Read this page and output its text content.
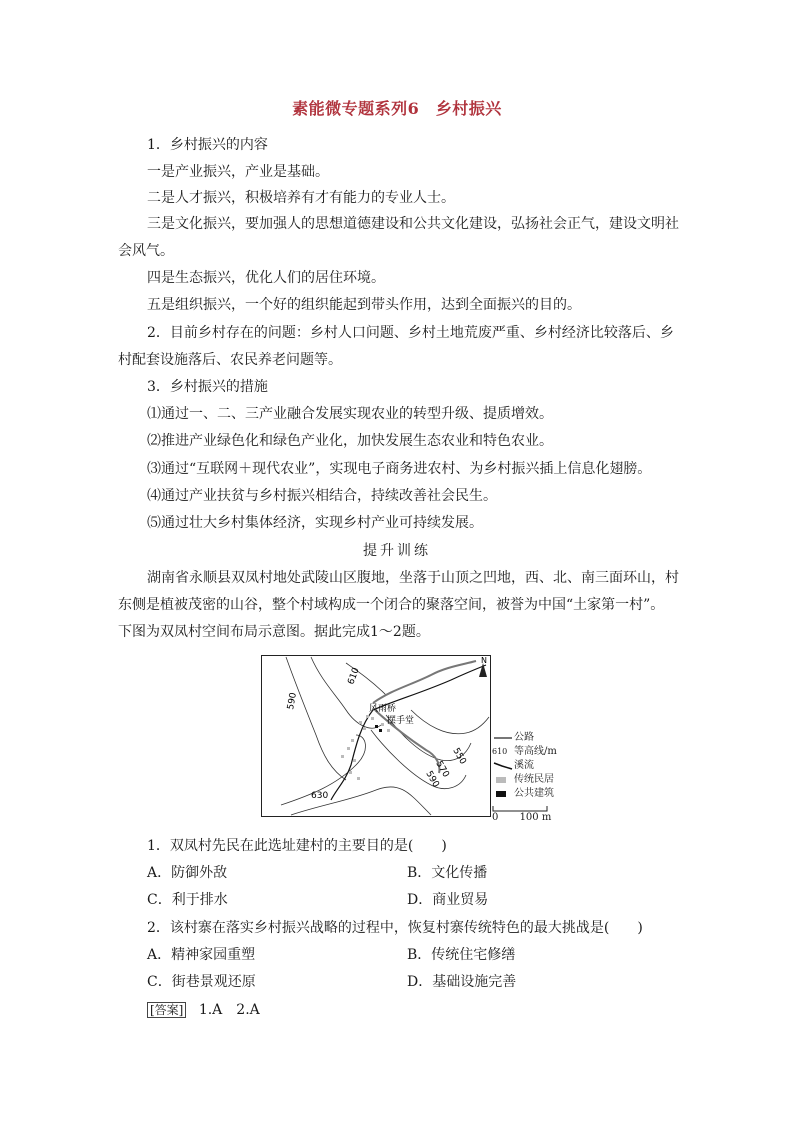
素能微专题系列6　乡村振兴
1．乡村振兴的内容
一是产业振兴，产业是基础。
二是人才振兴，积极培养有才有能力的专业人士。
三是文化振兴，要加强人的思想道德建设和公共文化建设，弘扬社会正气，建设文明社
会风气。
四是生态振兴，优化人们的居住环境。
五是组织振兴，一个好的组织能起到带头作用，达到全面振兴的目的。
2．目前乡村存在的问题：乡村人口问题、乡村土地荒废严重、乡村经济比较落后、乡
村配套设施落后、农民养老问题等。
3．乡村振兴的措施
⑴通过一、二、三产业融合发展实现农业的转型升级、提质增效。
⑵推进产业绿色化和绿色产业化，加快发展生态农业和特色农业。
⑶通过“互联网＋现代农业”，实现电子商务进农村、为乡村振兴插上信息化翅膀。
⑷通过产业扶贫与乡村振兴相结合，持续改善社会民生。
⑸通过壮大乡村集体经济，实现乡村产业可持续发展。
提升训练
湖南省永顺县双凤村地处武陵山区腹地，坐落于山顶之凹地，西、北、南三面环山，村
东侧是植被茂密的山谷，整个村域构成一个闭合的聚落空间，被誉为中国“土家第一村”。
下图为双凤村空间布局示意图。据此完成1～2题。
610
590
570
550
590
630
风雨桥
摆手堂
N
公路
610 等高线/m
溪流
传统民居
公共建筑
0 100 m
1．双凤村先民在此选址建村的主要目的是(　　)
A．防御外敌	B．文化传播
C．利于排水	D．商业贸易
2．该村寨在落实乡村振兴战略的过程中，恢复村寨传统特色的最大挑战是(　　)
A．精神家园重塑	B．传统住宅修缮
C．街巷景观还原	D．基础设施完善
[答案] 1.A　2.A
